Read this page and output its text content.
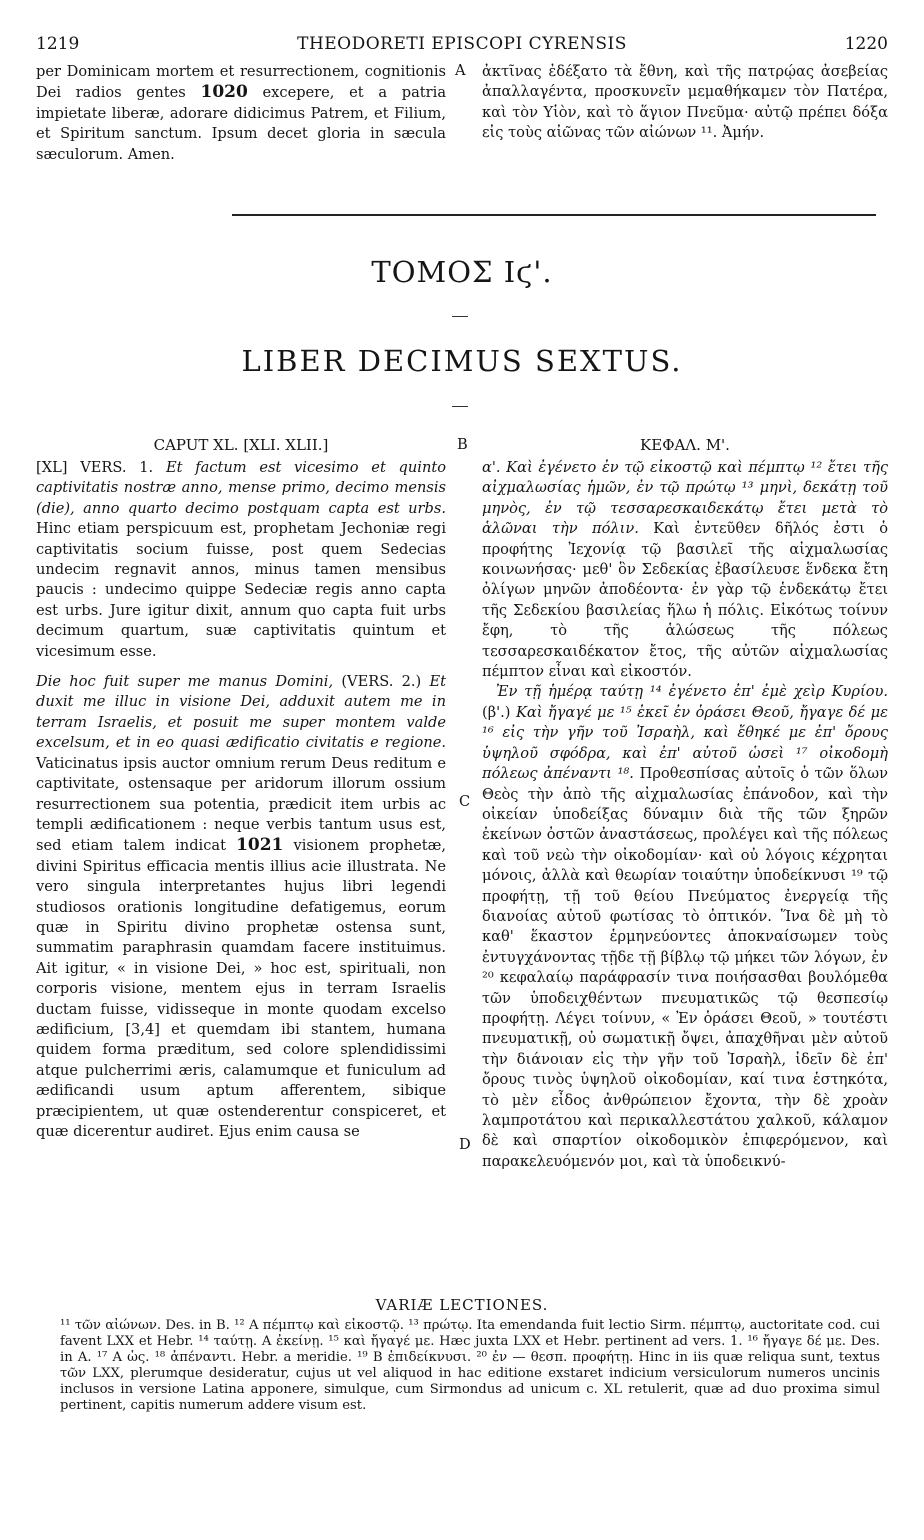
1219	THEODORETI EPISCOPI CYRENSIS	1220

per Dominicam mortem et resurrectionem, cognitionis Dei radios gentes 1020 excepere, et a patria impietate liberæ, adorare didicimus Patrem, et Filium, et Spiritum sanctum. Ipsum decet gloria in sæcula sæculorum. Amen.

A ἀκτῖνας ἐδέξατο τὰ ἔθνη, καὶ τῆς πατρῴας ἀσεβείας ἀπαλλαγέντα, προσκυνεῖν μεμαθήκαμεν τὸν Πατέρα, καὶ τὸν Υἱὸν, καὶ τὸ ἅγιον Πνεῦμα· αὐτῷ πρέπει δόξα εἰς τοὺς αἰῶνας τῶν αἰώνων ¹¹. Ἀμήν.

ΤΟΜΟΣ Ιϛ'.
LIBER DECIMUS SEXTUS.
CAPUT XL. [XLI. XLII.]	B	ΚΕΦΑΛ. Μ'.

[XL] VERS. 1. Et factum est vicesimo et quinto captivitatis nostræ anno, mense primo, decimo mensis (die), anno quarto decimo postquam capta est urbs. Hinc etiam perspicuum est, prophetam Jechoniæ regi captivitatis socium fuisse, post quem Sedecias undecim regnavit annos, minus tamen mensibus paucis : undecimo quippe Sedeciæ regis anno capta est urbs. Jure igitur dixit, annum quo capta fuit urbs decimum quartum, suæ captivitatis quintum et vicesimum esse.

Die hoc fuit super me manus Domini, (VERS. 2.) Et duxit me illuc in visione Dei, adduxit autem me in terram Israelis, et posuit me super montem valde excelsum, et in eo quasi ædificatio civitatis e regione. Vaticinatus ipsis auctor omnium rerum Deus reditum e captivitate, ostensaque per aridorum illorum ossium resurrectionem sua potentia, prædicit item urbis ac templi ædificationem : neque verbis tantum usus est, sed etiam talem indicat 1021 visionem prophetæ, divini Spiritus efficacia mentis illius acie illustrata. Ne vero singula interpretantes hujus libri legendi studiosos orationis longitudine defatigemus, eorum quæ in Spiritu divino prophetæ ostensa sunt, summatim paraphrasin quamdam facere instituimus. Ait igitur, « in visione Dei, » hoc est, spirituali, non corporis visione, mentem ejus in terram Israelis ductam fuisse, vidisseque in monte quodam excelso ædificium, [3,4] et quemdam ibi stantem, humana quidem forma præditum, sed colore splendidissimi atque pulcherrimi æris, calamumque et funiculum ad ædificandi usum aptum afferentem, sibique præcipientem, ut quæ ostenderentur conspiceret, et quæ dicerentur audiret. Ejus enim causa se

C
D

α'. Καὶ ἐγένετο ἐν τῷ εἰκοστῷ καὶ πέμπτῳ ¹² ἔτει τῆς αἰχμαλωσίας ἡμῶν, ἐν τῷ πρώτῳ ¹³ μηνὶ, δεκάτῃ τοῦ μηνὸς, ἐν τῷ τεσσαρεσκαιδεκάτῳ ἔτει μετὰ τὸ ἁλῶναι τὴν πόλιν. Καὶ ἐντεῦθεν δῆλός ἐστι ὁ προφήτης Ἰεχονίᾳ τῷ βασιλεῖ τῆς αἰχμαλωσίας κοινωνήσας· μεθ' ὃν Σεδεκίας ἐβασίλευσε ἕνδεκα ἔτη ὀλίγων μηνῶν ἀποδέοντα· ἐν γὰρ τῷ ἑνδεκάτῳ ἔτει τῆς Σεδεκίου βασιλείας ἥλω ἡ πόλις. Εἰκότως τοίνυν ἔφη, τὸ τῆς ἁλώσεως τῆς πόλεως τεσσαρεσκαιδέκατον ἔτος, τῆς αὐτῶν αἰχμαλωσίας πέμπτον εἶναι καὶ εἰκοστόν.

Ἐν τῇ ἡμέρᾳ ταύτῃ ¹⁴ ἐγένετο ἐπ' ἐμὲ χεὶρ Κυρίου. (β'.) Καὶ ἤγαγέ με ¹⁵ ἐκεῖ ἐν ὁράσει Θεοῦ, ἤγαγε δέ με ¹⁶ εἰς τὴν γῆν τοῦ Ἰσραὴλ, καὶ ἔθηκέ με ἐπ' ὄρους ὑψηλοῦ σφόδρα, καὶ ἐπ' αὐτοῦ ὡσεὶ ¹⁷ οἰκοδομὴ πόλεως ἀπέναντι ¹⁸. Προθεσπίσας αὐτοῖς ὁ τῶν ὅλων Θεὸς τὴν ἀπὸ τῆς αἰχμαλωσίας ἐπάνοδον, καὶ τὴν οἰκείαν ὑποδείξας δύναμιν διὰ τῆς τῶν ξηρῶν ἐκείνων ὀστῶν ἀναστάσεως, προλέγει καὶ τῆς πόλεως καὶ τοῦ νεὼ τὴν οἰκοδομίαν· καὶ οὐ λόγοις κέχρηται μόνοις, ἀλλὰ καὶ θεωρίαν τοιαύτην ὑποδείκνυσι ¹⁹ τῷ προφήτῃ, τῇ τοῦ θείου Πνεύματος ἐνεργείᾳ τῆς διανοίας αὐτοῦ φωτίσας τὸ ὀπτικόν. Ἵνα δὲ μὴ τὸ καθ' ἕκαστον ἑρμηνεύοντες ἀποκναίσωμεν τοὺς ἐντυγχάνοντας τῇδε τῇ βίβλῳ τῷ μήκει τῶν λόγων, ἐν ²⁰ κεφαλαίῳ παράφρασίν τινα ποιήσασθαι βουλόμεθα τῶν ὑποδειχθέντων πνευματικῶς τῷ θεσπεσίῳ προφήτῃ. Λέγει τοίνυν, « Ἐν ὁράσει Θεοῦ, » τουτέστι πνευματικῇ, οὐ σωματικῇ ὄψει, ἀπαχθῆναι μὲν αὐτοῦ τὴν διάνοιαν εἰς τὴν γῆν τοῦ Ἰσραὴλ, ἰδεῖν δὲ ἐπ' ὄρους τινὸς ὑψηλοῦ οἰκοδομίαν, καί τινα ἑστηκότα, τὸ μὲν εἶδος ἀνθρώπειον ἔχοντα, τὴν δὲ χροὰν λαμπροτάτου καὶ περικαλλεστάτου χαλκοῦ, κάλαμον δὲ καὶ σπαρτίον οἰκοδομικὸν ἐπιφερόμενον, καὶ παρακελευόμενόν μοι, καὶ τὰ ὑποδεικνύ-

VARIÆ LECTIONES.
¹¹ τῶν αἰώνων. Des. in B. ¹² A πέμπτῳ καὶ εἰκοστῷ. ¹³ πρώτῳ. Ita emendanda fuit lectio Sirm. πέμπτῳ, auctoritate cod. cui favent LXX et Hebr. ¹⁴ ταύτῃ. A ἐκείνῃ. ¹⁵ καὶ ἤγαγέ με. Hæc juxta LXX et Hebr. pertinent ad vers. 1. ¹⁶ ἤγαγε δέ με. Des. in A. ¹⁷ A ὡς. ¹⁸ ἀπέναντι. Hebr. a meridie. ¹⁹ B ἐπιδείκνυσι. ²⁰ ἐν — θεσπ. προφήτῃ. Hinc in iis quæ reliqua sunt, textus τῶν LXX, plerumque desideratur, cujus ut vel aliquod in hac editione exstaret indicium versiculorum numeros uncinis inclusos in versione Latina apponere, simulque, cum Sirmondus ad unicum c. XL retulerit, quæ ad duo proxima simul pertinent, capitis numerum addere visum est.
